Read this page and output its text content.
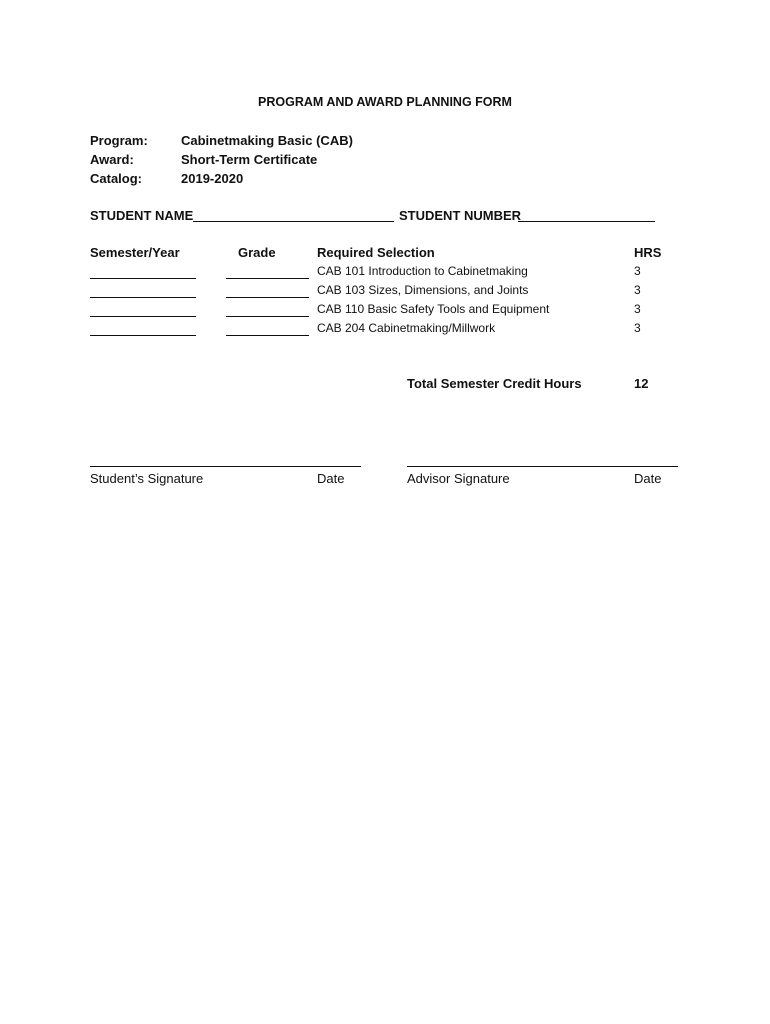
PROGRAM AND AWARD PLANNING FORM
Program:	Cabinetmaking Basic (CAB)
Award:	Short-Term Certificate
Catalog:	2019-2020
STUDENT NAME	STUDENT NUMBER
Semester/Year	Grade	Required Selection	HRS
CAB 101 Introduction to Cabinetmaking	3
CAB 103 Sizes, Dimensions, and Joints	3
CAB 110 Basic Safety Tools and Equipment	3
CAB 204 Cabinetmaking/Millwork	3
Total Semester Credit Hours	12
Student’s Signature	Date	Advisor Signature	Date
